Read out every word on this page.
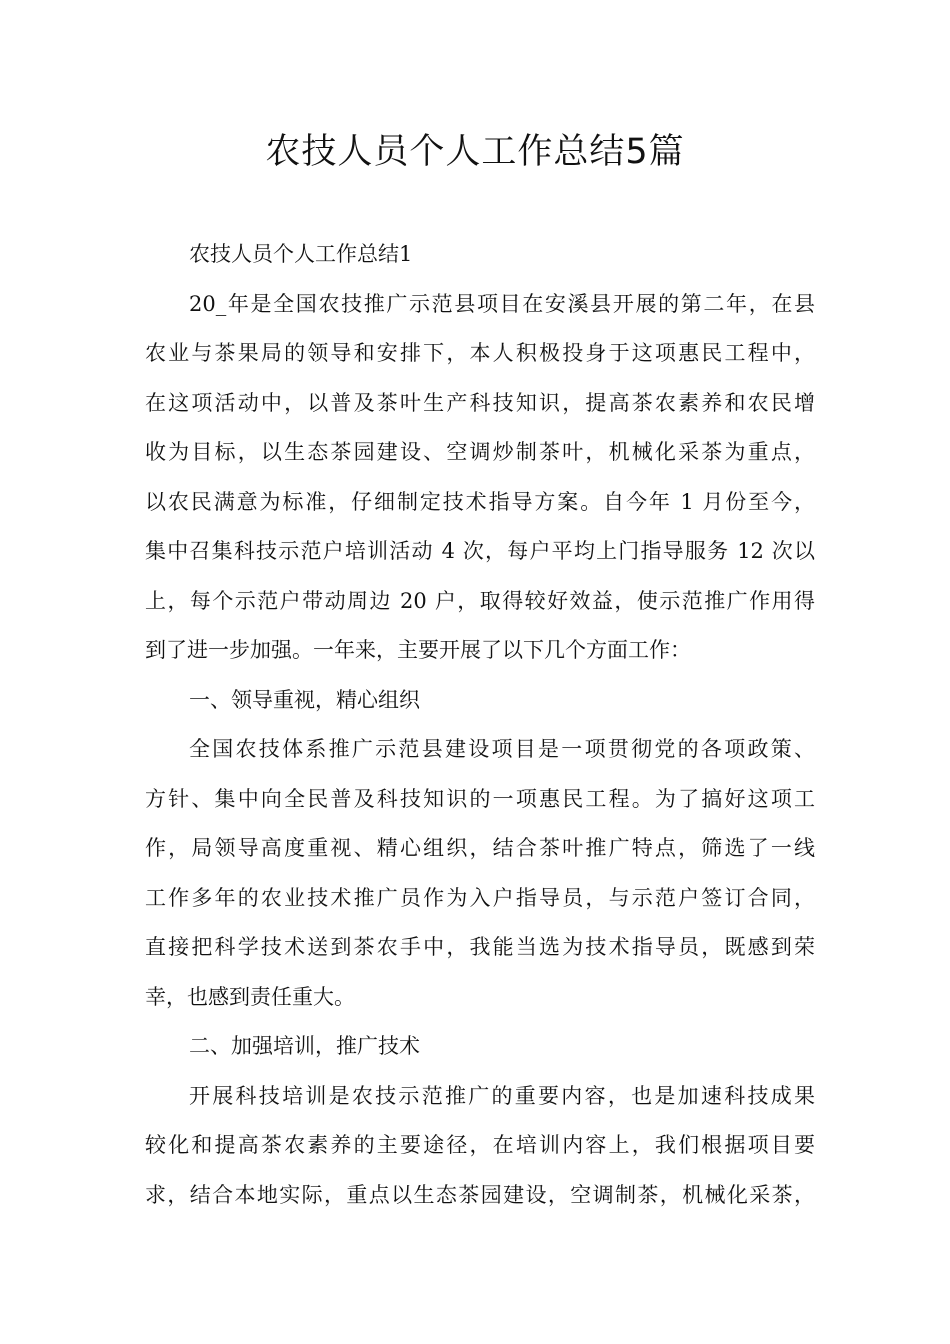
农技人员个人工作总结5篇
农技人员个人工作总结1
20_年是全国农技推广示范县项目在安溪县开展的第二年，在县
农业与茶果局的领导和安排下，本人积极投身于这项惠民工程中，
在这项活动中，以普及茶叶生产科技知识，提高茶农素养和农民增
收为目标，以生态茶园建设、空调炒制茶叶，机械化采茶为重点，
以农民满意为标准，仔细制定技术指导方案。自今年 1 月份至今，
集中召集科技示范户培训活动 4 次，每户平均上门指导服务 12 次以
上，每个示范户带动周边 20 户，取得较好效益，使示范推广作用得
到了进一步加强。一年来，主要开展了以下几个方面工作：
一、领导重视，精心组织
全国农技体系推广示范县建设项目是一项贯彻党的各项政策、
方针、集中向全民普及科技知识的一项惠民工程。为了搞好这项工
作，局领导高度重视、精心组织，结合茶叶推广特点，筛选了一线
工作多年的农业技术推广员作为入户指导员，与示范户签订合同，
直接把科学技术送到茶农手中，我能当选为技术指导员，既感到荣
幸，也感到责任重大。
二、加强培训，推广技术
开展科技培训是农技示范推广的重要内容，也是加速科技成果
较化和提高茶农素养的主要途径，在培训内容上，我们根据项目要
求，结合本地实际，重点以生态茶园建设，空调制茶，机械化采茶，
